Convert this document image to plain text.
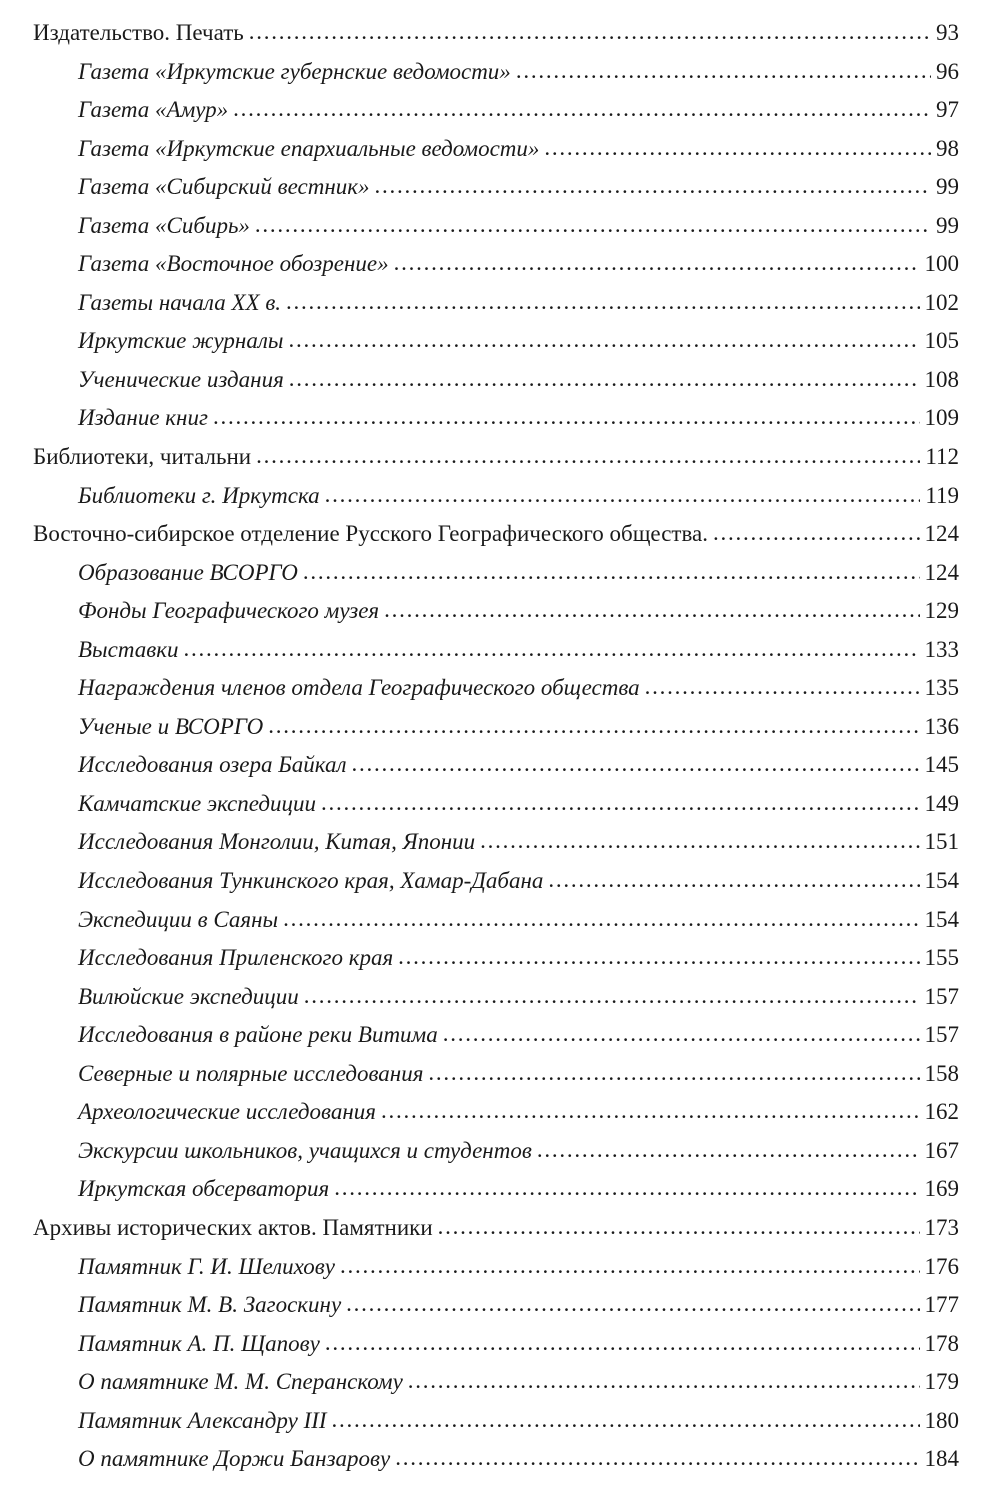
Издательство. Печать . . .	93
Газета «Иркутские губернские ведомости» . . .	96
Газета «Амур» . . .	97
Газета «Иркутские епархиальные ведомости» . . .	98
Газета «Сибирский вестник» . . .	99
Газета «Сибирь» . . .	99
Газета «Восточное обозрение» . . .	100
Газеты начала XX в. . . .	102
Иркутские журналы . . .	105
Ученические издания . . .	108
Издание книг . . .	109
Библиотеки, читальни . . .	112
Библиотеки г. Иркутска . . .	119
Восточно-сибирское отделение Русского Географического общества. . . .	124
Образование ВСОРГО . . .	124
Фонды Географического музея . . .	129
Выставки . . .	133
Награждения членов отдела Географического общества . . .	135
Ученые и ВСОРГО . . .	136
Исследования озера Байкал . . .	145
Камчатские экспедиции . . .	149
Исследования Монголии, Китая, Японии . . .	151
Исследования Тункинского края, Хамар-Дабана . . .	154
Экспедиции в Саяны . . .	154
Исследования Приленского края . . .	155
Вилюйские экспедиции . . .	157
Исследования в районе реки Витима . . .	157
Северные и полярные исследования . . .	158
Археологические исследования . . .	162
Экскурсии школьников, учащихся и студентов . . .	167
Иркутская обсерватория . . .	169
Архивы исторических актов. Памятники . . .	173
Памятник Г. И. Шелихову . . .	176
Памятник М. В. Загоскину . . .	177
Памятник А. П. Щапову . . .	178
О памятнике М. М. Сперанскому . . .	179
Памятник Александру III . . .	180
О памятнике Доржи Банзарову . . .	184
